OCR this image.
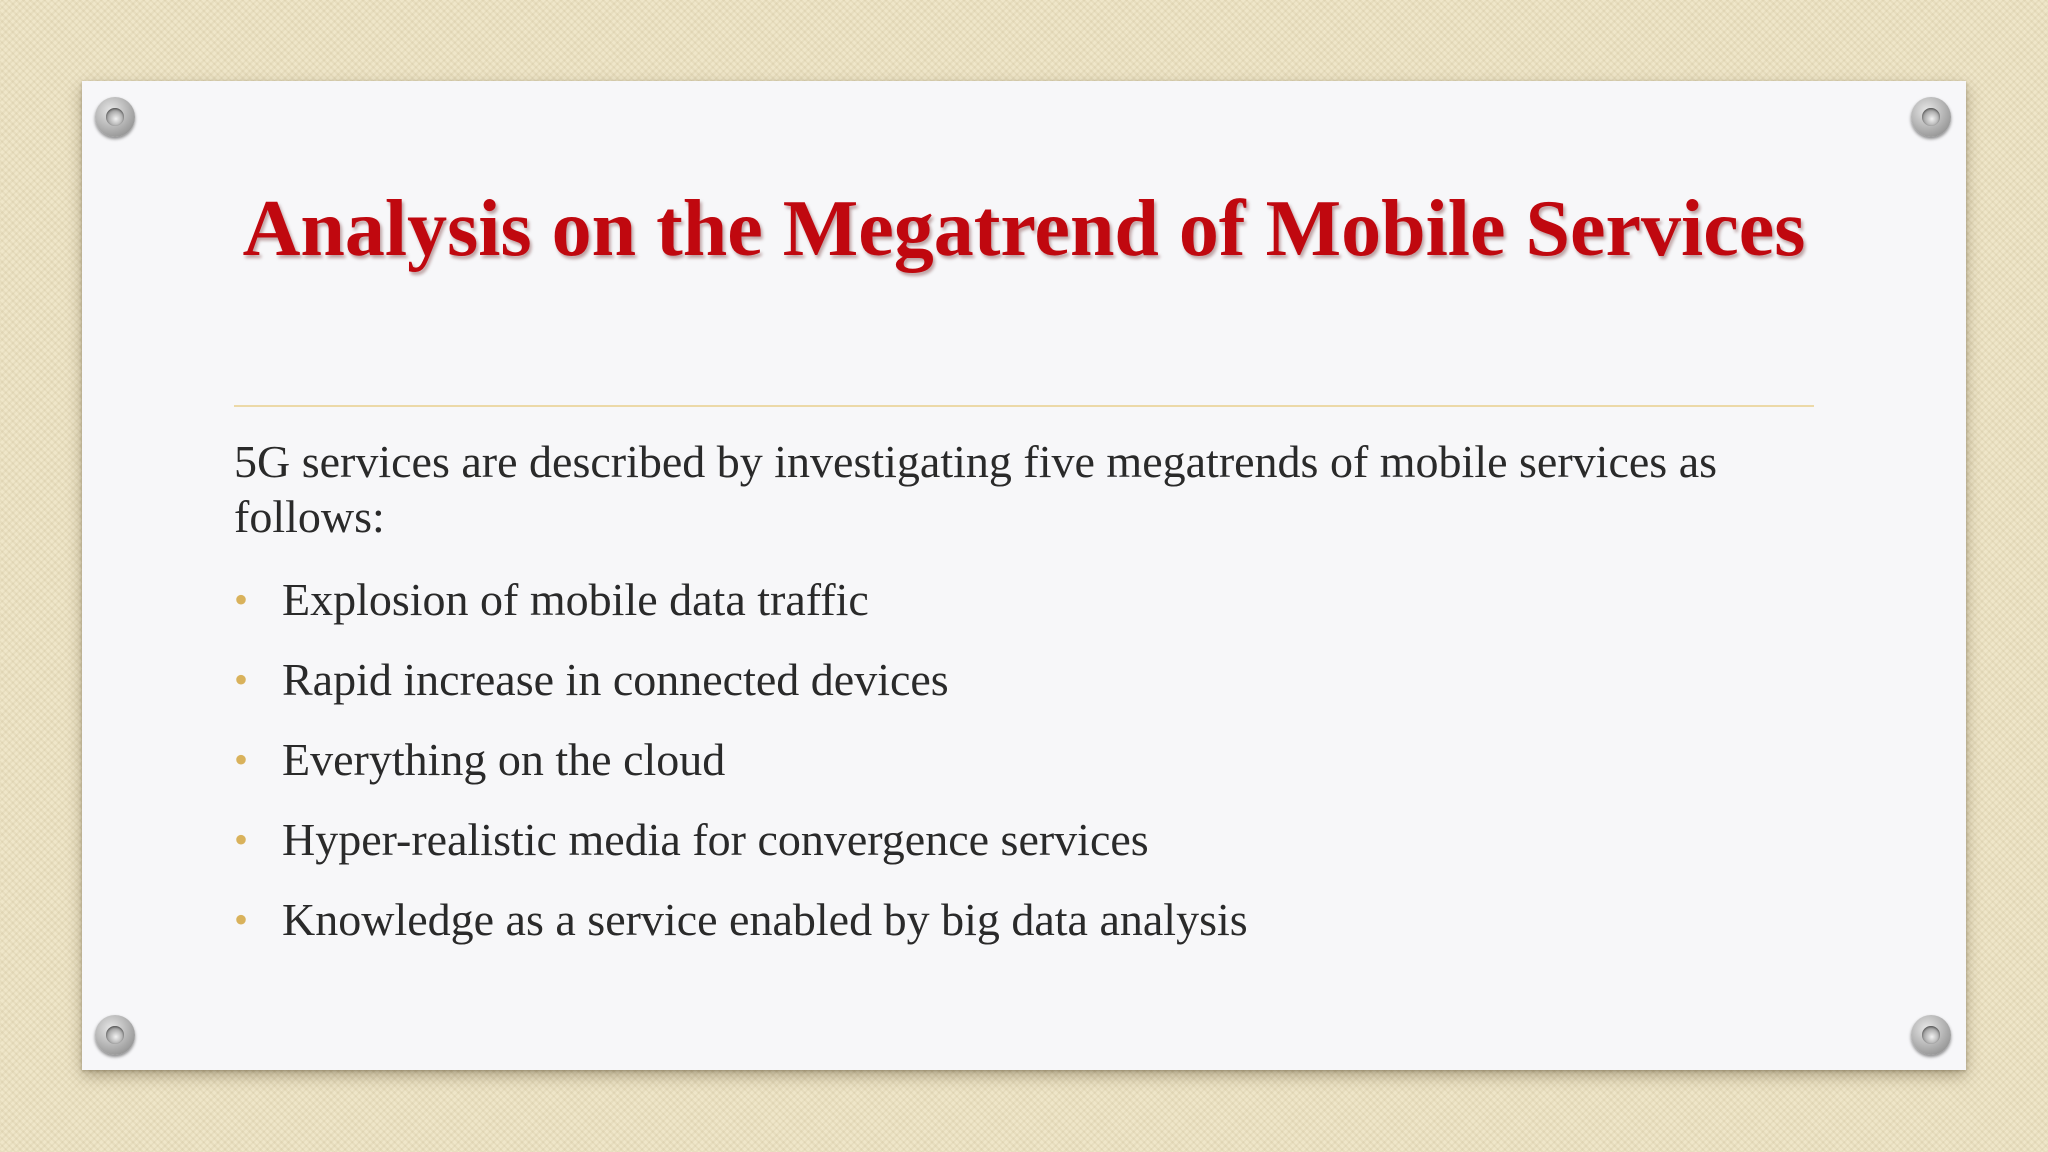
Analysis on the Megatrend of Mobile Services

5G services are described by investigating five megatrends of mobile services as follows:

• Explosion of mobile data traffic
• Rapid increase in connected devices
• Everything on the cloud
• Hyper-realistic media for convergence services
• Knowledge as a service enabled by big data analysis
